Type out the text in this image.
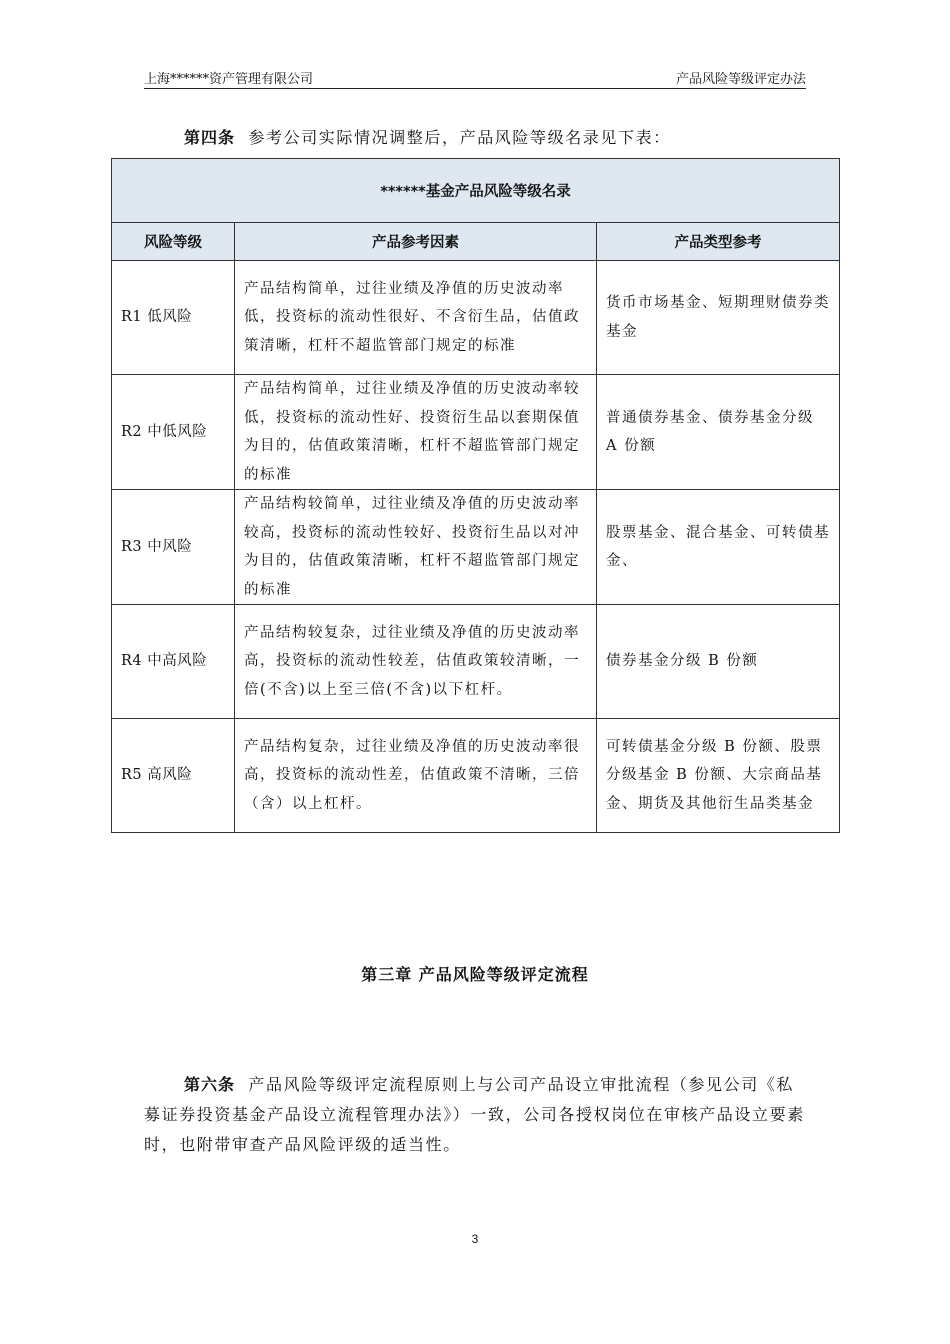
上海******资产管理有限公司	产品风险等级评定办法
第四条 参考公司实际情况调整后，产品风险等级名录见下表：
******基金产品风险等级名录		
风险等级	产品参考因素	产品类型参考
R1 低风险	产品结构简单，过往业绩及净值的历史波动率低，投资标的流动性很好、不含衍生品，估值政策清晰，杠杆不超监管部门规定的标准	货币市场基金、短期理财债券类基金
R2 中低风险	产品结构简单，过往业绩及净值的历史波动率较低，投资标的流动性好、投资衍生品以套期保值为目的，估值政策清晰，杠杆不超监管部门规定的标准	普通债券基金、债券基金分级 A 份额
R3 中风险	产品结构较简单，过往业绩及净值的历史波动率较高，投资标的流动性较好、投资衍生品以对冲为目的，估值政策清晰，杠杆不超监管部门规定的标准	股票基金、混合基金、可转债基金、
R4 中高风险	产品结构较复杂，过往业绩及净值的历史波动率高，投资标的流动性较差，估值政策较清晰，一倍(不含)以上至三倍(不含)以下杠杆。	债券基金分级 B 份额
R5 高风险	产品结构复杂，过往业绩及净值的历史波动率很高，投资标的流动性差，估值政策不清晰，三倍（含）以上杠杆。	可转债基金分级 B 份额、股票分级基金 B 份额、大宗商品基金、期货及其他衍生品类基金
第三章 产品风险等级评定流程
第六条 产品风险等级评定流程原则上与公司产品设立审批流程（参见公司《私募证券投资基金产品设立流程管理办法》）一致，公司各授权岗位在审核产品设立要素时，也附带审查产品风险评级的适当性。
3
